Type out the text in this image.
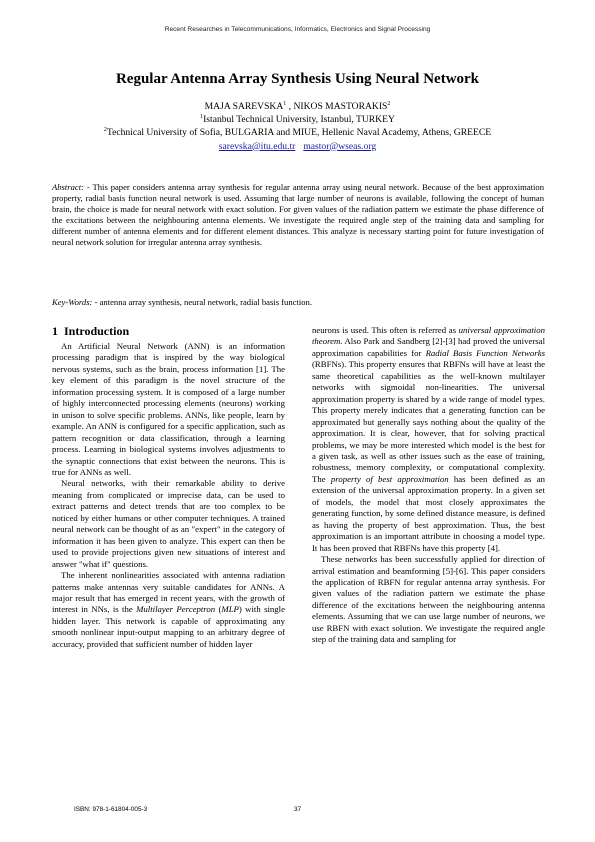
Recent Researches in Telecommunications, Informatics, Electronics and Signal Processing
Regular Antenna Array Synthesis Using Neural Network
MAJA SAREVSKA$^1$ , NIKOS MASTORAKIS$^2$
$^1$Istanbul Technical University, Istanbul, TURKEY
$^2$Technical University of Sofia, BULGARIA and MIUE, Hellenic Naval Academy, Athens, GREECE
sarevska@itu.edu.tr mastor@wseas.org
Abstract: - This paper considers antenna array synthesis for regular antenna array using neural network. Because of the best approximation property, radial basis function neural network is used. Assuming that large number of neurons is available, following the concept of human brain, the choice is made for neural network with exact solution. For given values of the radiation pattern we estimate the phase difference of the excitations between the neighbouring antenna elements. We investigate the required angle step of the training data and sampling for different number of antenna elements and for different element distances. This analyze is necessary starting point for future investigation of neural network solution for irregular antenna array synthesis.
Key-Words: - antenna array synthesis, neural network, radial basis function.
1 Introduction

An Artificial Neural Network (ANN) is an information processing paradigm that is inspired by the way biological nervous systems, such as the brain, process information [1]. The key element of this paradigm is the novel structure of the information processing system. It is composed of a large number of highly interconnected processing elements (neurons) working in unison to solve specific problems. ANNs, like people, learn by example. An ANN is configured for a specific application, such as pattern recognition or data classification, through a learning process. Learning in biological systems involves adjustments to the synaptic connections that exist between the neurons. This is true for ANNs as well.

Neural networks, with their remarkable ability to derive meaning from complicated or imprecise data, can be used to extract patterns and detect trends that are too complex to be noticed by either humans or other computer techniques. A trained neural network can be thought of as an "expert" in the category of information it has been given to analyze. This expert can then be used to provide projections given new situations of interest and answer "what if" questions.

The inherent nonlinearities associated with antenna radiation patterns make antennas very suitable candidates for ANNs. A major result that has emerged in recent years, with the growth of interest in NNs, is the Multilayer Perceptron (MLP) with single hidden layer. This network is capable of approximating any smooth nonlinear input-output mapping to an arbitrary degree of accuracy, provided that sufficient number of hidden layer

neurons is used. This often is referred as universal approximation theorem. Also Park and Sandberg [2]-[3] had proved the universal approximation capabilities for Radial Basis Function Networks (RBFNs). This property ensures that RBFNs will have at least the same theoretical capabilities as the well-known multilayer networks with sigmoidal non-linearities. The universal approximation property is shared by a wide range of model types. This property merely indicates that a generating function can be approximated but generally says nothing about the quality of the approximation. It is clear, however, that for solving practical problems, we may be more interested which model is the best for a given task, as well as other issues such as the ease of training, robustness, memory complexity, or computational complexity. The property of best approximation has been defined as an extension of the universal approximation property. In a given set of models, the model that most closely approximates the generating function, by some defined distance measure, is defined as having the property of best approximation. Thus, the best approximation is an important attribute in choosing a model type. It has been proved that RBFNs have this property [4].

These networks has been successfully applied for direction of arrival estimation and beamforming [5]-[6]. This paper considers the application of RBFN for regular antenna array synthesis. For given values of the radiation pattern we estimate the phase difference of the excitations between the neighbouring antenna elements. Assuming that we can use large number of neurons, we use RBFN with exact solution. We investigate the required angle step of the training data and sampling for

ISBN: 978-1-61804-005-3	37
